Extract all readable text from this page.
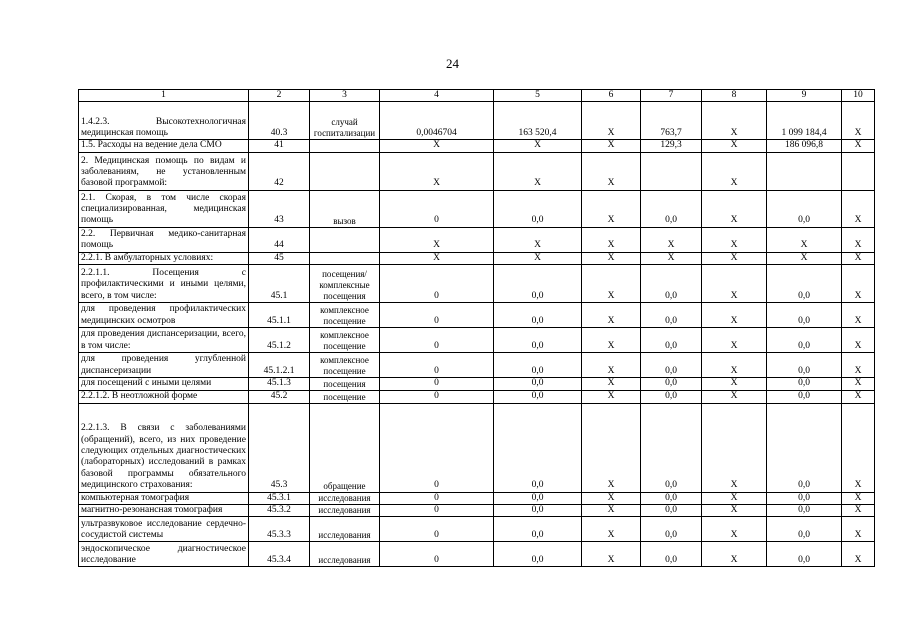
24
1	2	3	4	5	6	7	8	9	10
1.4.2.3. Высокотехнологичная медицинская помощь	40.3	случай госпитализации	0,0046704	163 520,4	X	763,7	X	1 099 184,4	X
1.5. Расходы на ведение дела СМО	41		X	X	X	129,3	X	186 096,8	X
2. Медицинская помощь по видам и заболеваниям, не установленным базовой программой:	42		X	X	X		X		
2.1. Скорая, в том числе скорая специализированная, медицинская помощь	43	вызов	0	0,0	X	0,0	X	0,0	X
2.2. Первичная медико-санитарная помощь	44		X	X	X	X	X	X	X
2.2.1. В амбулаторных условиях:	45		X	X	X	X	X	X	X
2.2.1.1. Посещения с профилактическими и иными целями, всего, в том числе:	45.1	посещения/ комплексные посещения	0	0,0	X	0,0	X	0,0	X
для проведения профилактических медицинских осмотров	45.1.1	комплексное посещение	0	0,0	X	0,0	X	0,0	X
для проведения диспансеризации, всего, в том числе:	45.1.2	комплексное посещение	0	0,0	X	0,0	X	0,0	X
для проведения углубленной диспансеризации	45.1.2.1	комплексное посещение	0	0,0	X	0,0	X	0,0	X
для посещений с иными целями	45.1.3	посещения	0	0,0	X	0,0	X	0,0	X
2.2.1.2. В неотложной форме	45.2	посещение	0	0,0	X	0,0	X	0,0	X
2.2.1.3. В связи с заболеваниями (обращений), всего, из них проведение следующих отдельных диагностических (лабораторных) исследований в рамках базовой программы обязательного медицинского страхования:	45.3	обращение	0	0,0	X	0,0	X	0,0	X
компьютерная томография	45.3.1	исследования	0	0,0	X	0,0	X	0,0	X
магнитно-резонансная томография	45.3.2	исследования	0	0,0	X	0,0	X	0,0	X
ультразвуковое исследование сердечно-сосудистой системы	45.3.3	исследования	0	0,0	X	0,0	X	0,0	X
эндоскопическое диагностическое исследование	45.3.4	исследования	0	0,0	X	0,0	X	0,0	X
